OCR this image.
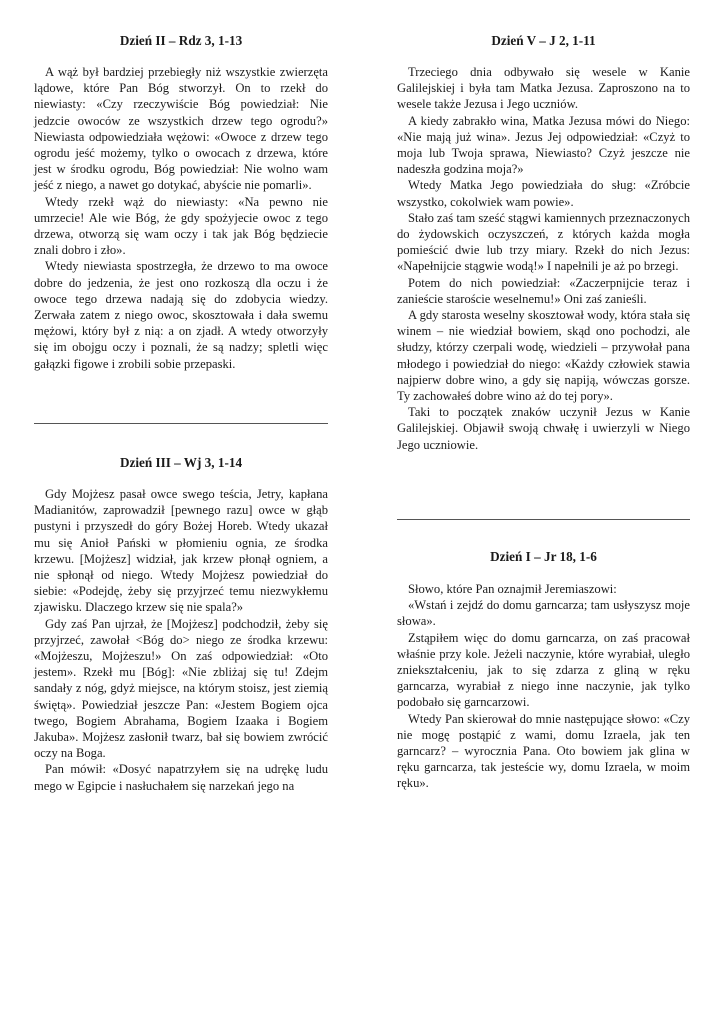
Dzień II – Rdz 3, 1-13

A wąż był bardziej przebiegły niż wszystkie zwierzęta lądowe, które Pan Bóg stworzył. On to rzekł do niewiasty: «Czy rzeczywiście Bóg powiedział: Nie jedzcie owoców ze wszystkich drzew tego ogrodu?» Niewiasta odpowiedziała wężowi: «Owoce z drzew tego ogrodu jeść możemy, tylko o owocach z drzewa, które jest w środku ogrodu, Bóg powiedział: Nie wolno wam jeść z niego, a nawet go dotykać, abyście nie pomarli».

Wtedy rzekł wąż do niewiasty: «Na pewno nie umrzecie! Ale wie Bóg, że gdy spożyjecie owoc z tego drzewa, otworzą się wam oczy i tak jak Bóg będziecie znali dobro i zło».

Wtedy niewiasta spostrzegła, że drzewo to ma owoce dobre do jedzenia, że jest ono rozkoszą dla oczu i że owoce tego drzewa nadają się do zdobycia wiedzy. Zerwała zatem z niego owoc, skosztowała i dała swemu mężowi, który był z nią: a on zjadł. A wtedy otworzyły się im obojgu oczy i poznali, że są nadzy; spletli więc gałązki figowe i zrobili sobie przepaski.

Dzień III – Wj 3, 1-14

Gdy Mojżesz pasał owce swego teścia, Jetry, kapłana Madianitów, zaprowadził [pewnego razu] owce w głąb pustyni i przyszedł do góry Bożej Horeb. Wtedy ukazał mu się Anioł Pański w płomieniu ognia, ze środka krzewu. [Mojżesz] widział, jak krzew płonął ogniem, a nie spłonął od niego. Wtedy Mojżesz powiedział do siebie: «Podejdę, żeby się przyjrzeć temu niezwykłemu zjawisku. Dlaczego krzew się nie spala?»

Gdy zaś Pan ujrzał, że [Mojżesz] podchodził, żeby się przyjrzeć, zawołał <Bóg do> niego ze środka krzewu: «Mojżeszu, Mojżeszu!» On zaś odpowiedział: «Oto jestem». Rzekł mu [Bóg]: «Nie zbliżaj się tu! Zdejm sandały z nóg, gdyż miejsce, na którym stoisz, jest ziemią świętą». Powiedział jeszcze Pan: «Jestem Bogiem ojca twego, Bogiem Abrahama, Bogiem Izaaka i Bogiem Jakuba». Mojżesz zasłonił twarz, bał się bowiem zwrócić oczy na Boga.

Pan mówił: «Dosyć napatrzyłem się na udrękę ludu mego w Egipcie i nasłuchałem się narzekań jego na

Dzień V – J 2, 1-11

Trzeciego dnia odbywało się wesele w Kanie Galilejskiej i była tam Matka Jezusa. Zaproszono na to wesele także Jezusa i Jego uczniów.

A kiedy zabrakło wina, Matka Jezusa mówi do Niego: «Nie mają już wina». Jezus Jej odpowiedział: «Czyż to moja lub Twoja sprawa, Niewiasto? Czyż jeszcze nie nadeszła godzina moja?»

Wtedy Matka Jego powiedziała do sług: «Zróbcie wszystko, cokolwiek wam powie».

Stało zaś tam sześć stągwi kamiennych przeznaczonych do żydowskich oczyszczeń, z których każda mogła pomieścić dwie lub trzy miary. Rzekł do nich Jezus: «Napełnijcie stągwie wodą!» I napełnili je aż po brzegi.

Potem do nich powiedział: «Zaczerpnijcie teraz i zanieście staroście weselnemu!» Oni zaś zanieśli.

A gdy starosta weselny skosztował wody, która stała się winem – nie wiedział bowiem, skąd ono pochodzi, ale słudzy, którzy czerpali wodę, wiedzieli – przywołał pana młodego i powiedział do niego: «Każdy człowiek stawia najpierw dobre wino, a gdy się napiją, wówczas gorsze. Ty zachowałeś dobre wino aż do tej pory».

Taki to początek znaków uczynił Jezus w Kanie Galilejskiej. Objawił swoją chwałę i uwierzyli w Niego Jego uczniowie.

Dzień I – Jr 18, 1-6

Słowo, które Pan oznajmił Jeremiaszowi:

«Wstań i zejdź do domu garncarza; tam usłyszysz moje słowa».

Zstąpiłem więc do domu garncarza, on zaś pracował właśnie przy kole. Jeżeli naczynie, które wyrabiał, uległo zniekształceniu, jak to się zdarza z gliną w ręku garncarza, wyrabiał z niego inne naczynie, jak tylko podobało się garncarzowi.

Wtedy Pan skierował do mnie następujące słowo: «Czy nie mogę postąpić z wami, domu Izraela, jak ten garncarz? – wyrocznia Pana. Oto bowiem jak glina w ręku garncarza, tak jesteście wy, domu Izraela, w moim ręku».
